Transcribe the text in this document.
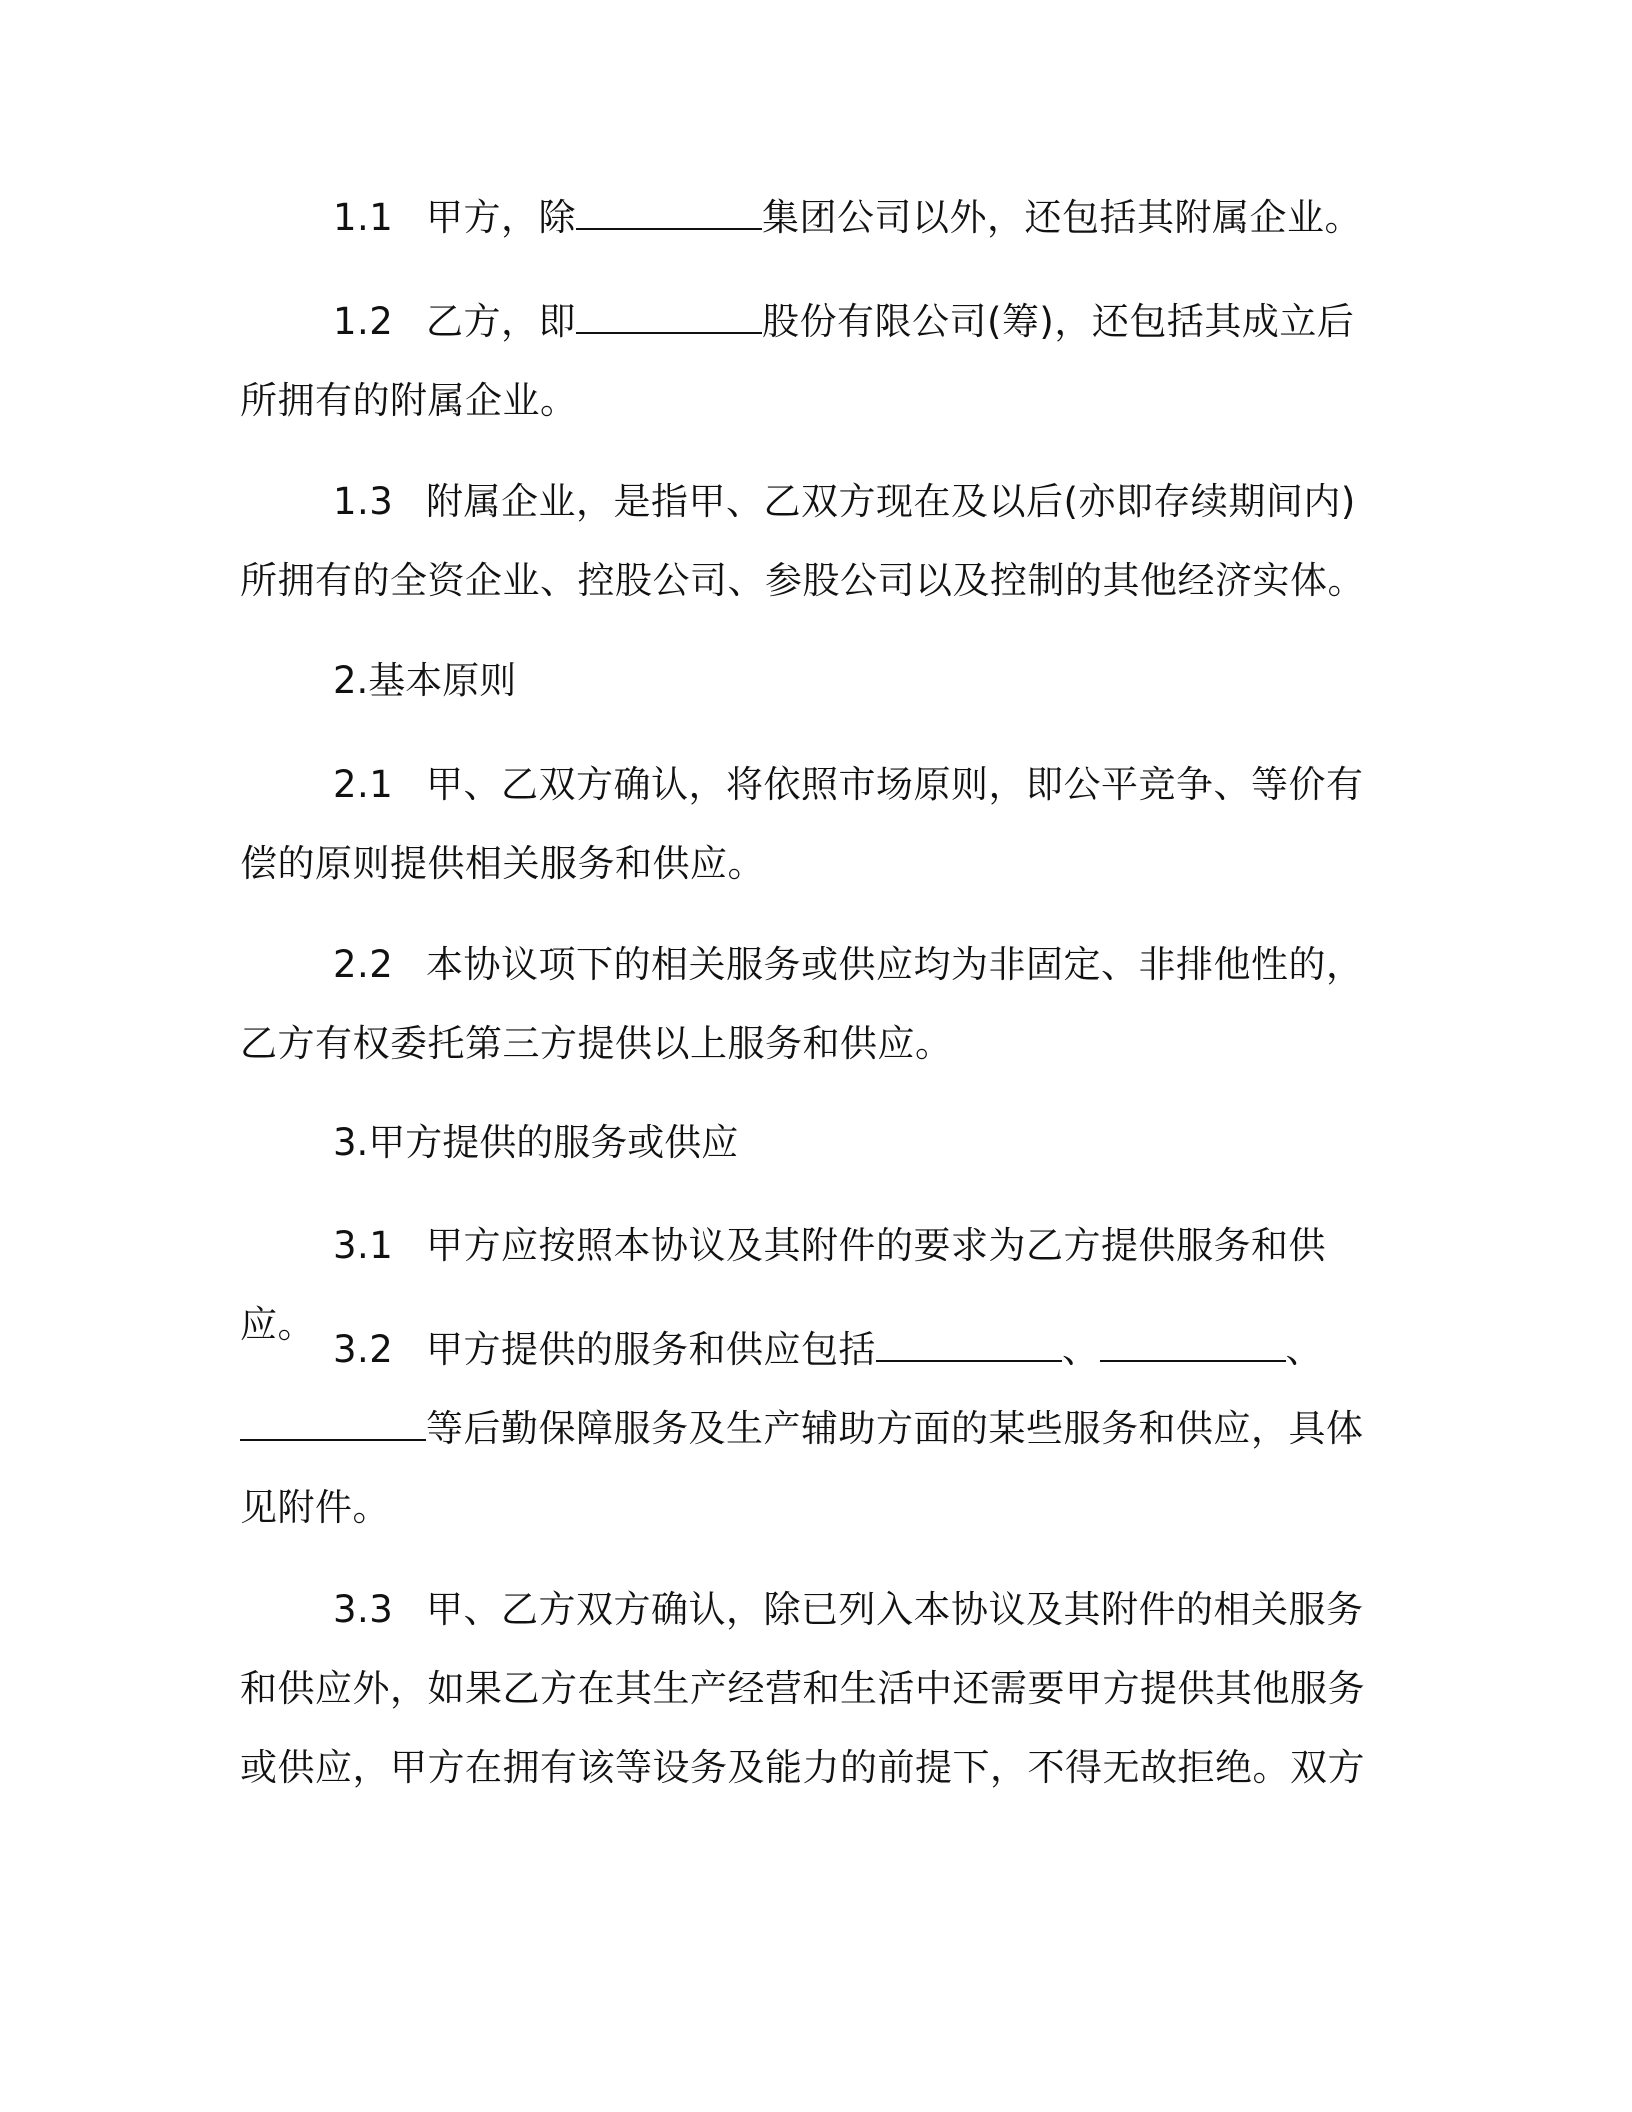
1.1 甲方，除	集团公司以外，还包括其附属企业。

1.2 乙方，即	股份有限公司(筹)，还包括其成立后所拥有的附属企业。

1.3 附属企业，是指甲、乙双方现在及以后(亦即存续期间内)所拥有的全资企业、控股公司、参股公司以及控制的其他经济实体。

2.基本原则

2.1 甲、乙双方确认，将依照市场原则，即公平竞争、等价有偿的原则提供相关服务和供应。

2.2 本协议项下的相关服务或供应均为非固定、非排他性的，乙方有权委托第三方提供以上服务和供应。

3.甲方提供的服务或供应

3.1 甲方应按照本协议及其附件的要求为乙方提供服务和供应。

3.2 甲方提供的服务和供应包括	、	、等后勤保障服务及生产辅助方面的某些服务和供应，具体见附件。

3.3 甲、乙方双方确认，除已列入本协议及其附件的相关服务和供应外，如果乙方在其生产经营和生活中还需要甲方提供其他服务或供应，甲方在拥有该等设务及能力的前提下，不得无故拒绝。双方
